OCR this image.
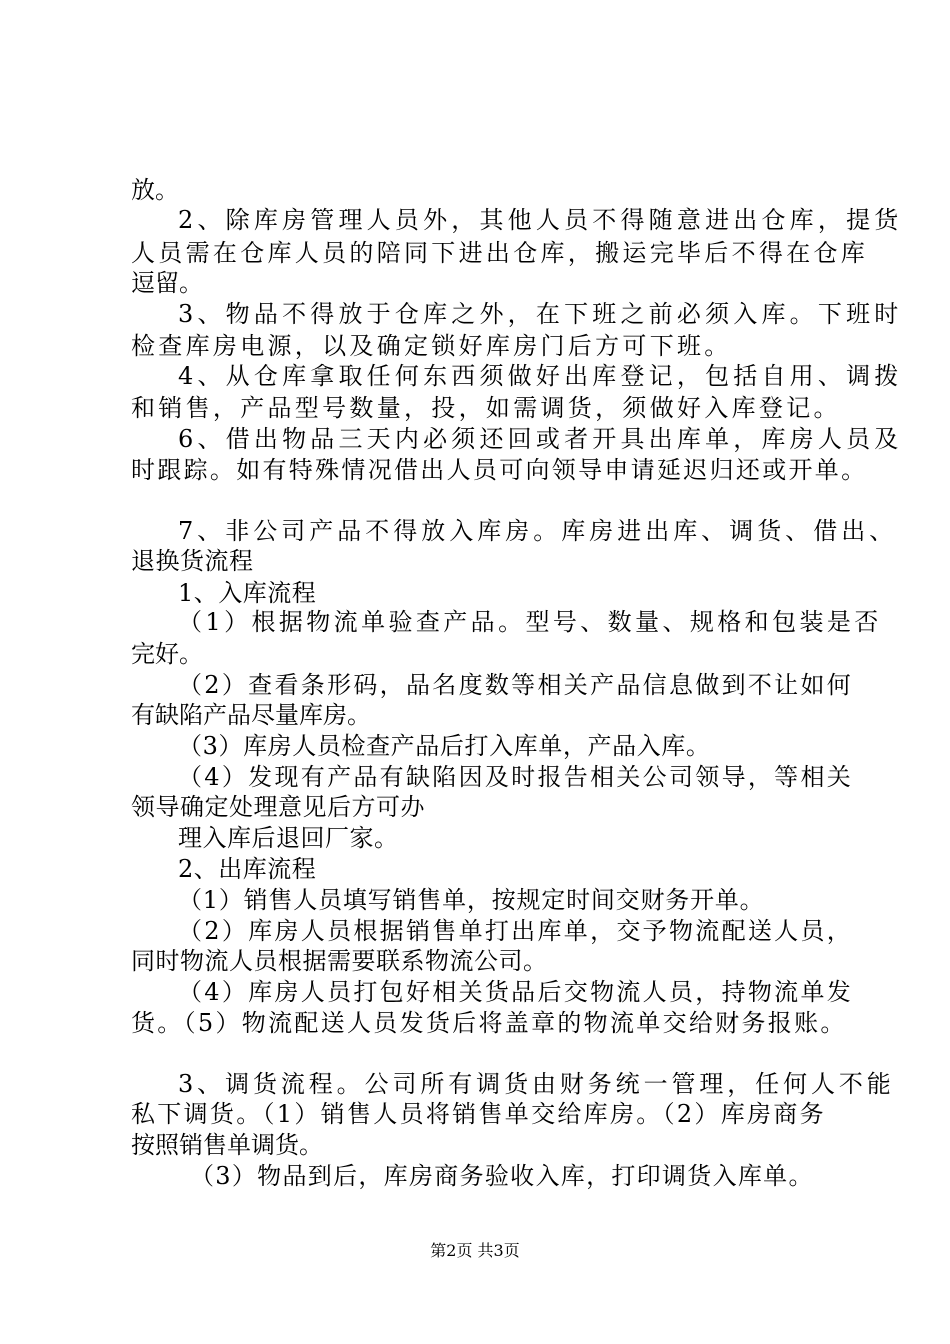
放。
2、除库房管理人员外，其他人员不得随意进出仓库，提货
人员需在仓库人员的陪同下进出仓库，搬运完毕后不得在仓库
逗留。
3、物品不得放于仓库之外，在下班之前必须入库。下班时
检查库房电源，以及确定锁好库房门后方可下班。
4、从仓库拿取任何东西须做好出库登记，包括自用、调拨
和销售，产品型号数量，投，如需调货，须做好入库登记。
6、借出物品三天内必须还回或者开具出库单，库房人员及
时跟踪。如有特殊情况借出人员可向领导申请延迟归还或开单。
7、非公司产品不得放入库房。库房进出库、调货、借出、
退换货流程
1、入库流程
（1）根据物流单验查产品。型号、数量、规格和包装是否
完好。
（2）查看条形码，品名度数等相关产品信息做到不让如何
有缺陷产品尽量库房。
（3）库房人员检查产品后打入库单，产品入库。
（4）发现有产品有缺陷因及时报告相关公司领导，等相关
领导确定处理意见后方可办
理入库后退回厂家。
2、出库流程
（1）销售人员填写销售单，按规定时间交财务开单。
（2）库房人员根据销售单打出库单，交予物流配送人员，
同时物流人员根据需要联系物流公司。
（4）库房人员打包好相关货品后交物流人员，持物流单发
货。（5）物流配送人员发货后将盖章的物流单交给财务报账。
3、调货流程。公司所有调货由财务统一管理，任何人不能
私下调货。（1）销售人员将销售单交给库房。（2）库房商务
按照销售单调货。
（3）物品到后，库房商务验收入库，打印调货入库单。
第2页 共3页
